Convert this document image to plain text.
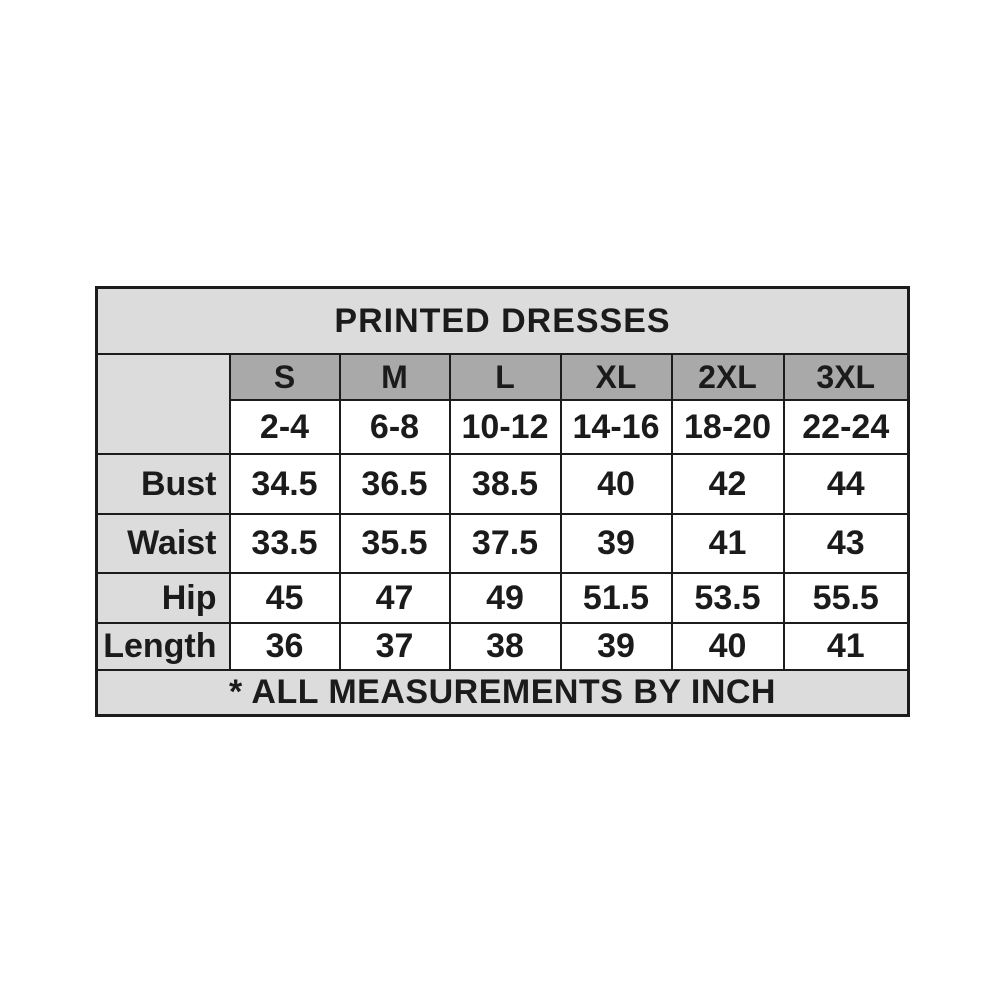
PRINTED DRESSES						
	S	M	L	XL	2XL	3XL
	2-4	6-8	10-12	14-16	18-20	22-24
Bust	34.5	36.5	38.5	40	42	44
Waist	33.5	35.5	37.5	39	41	43
Hip	45	47	49	51.5	53.5	55.5
Length	36	37	38	39	40	41
* ALL MEASUREMENTS BY INCH						
